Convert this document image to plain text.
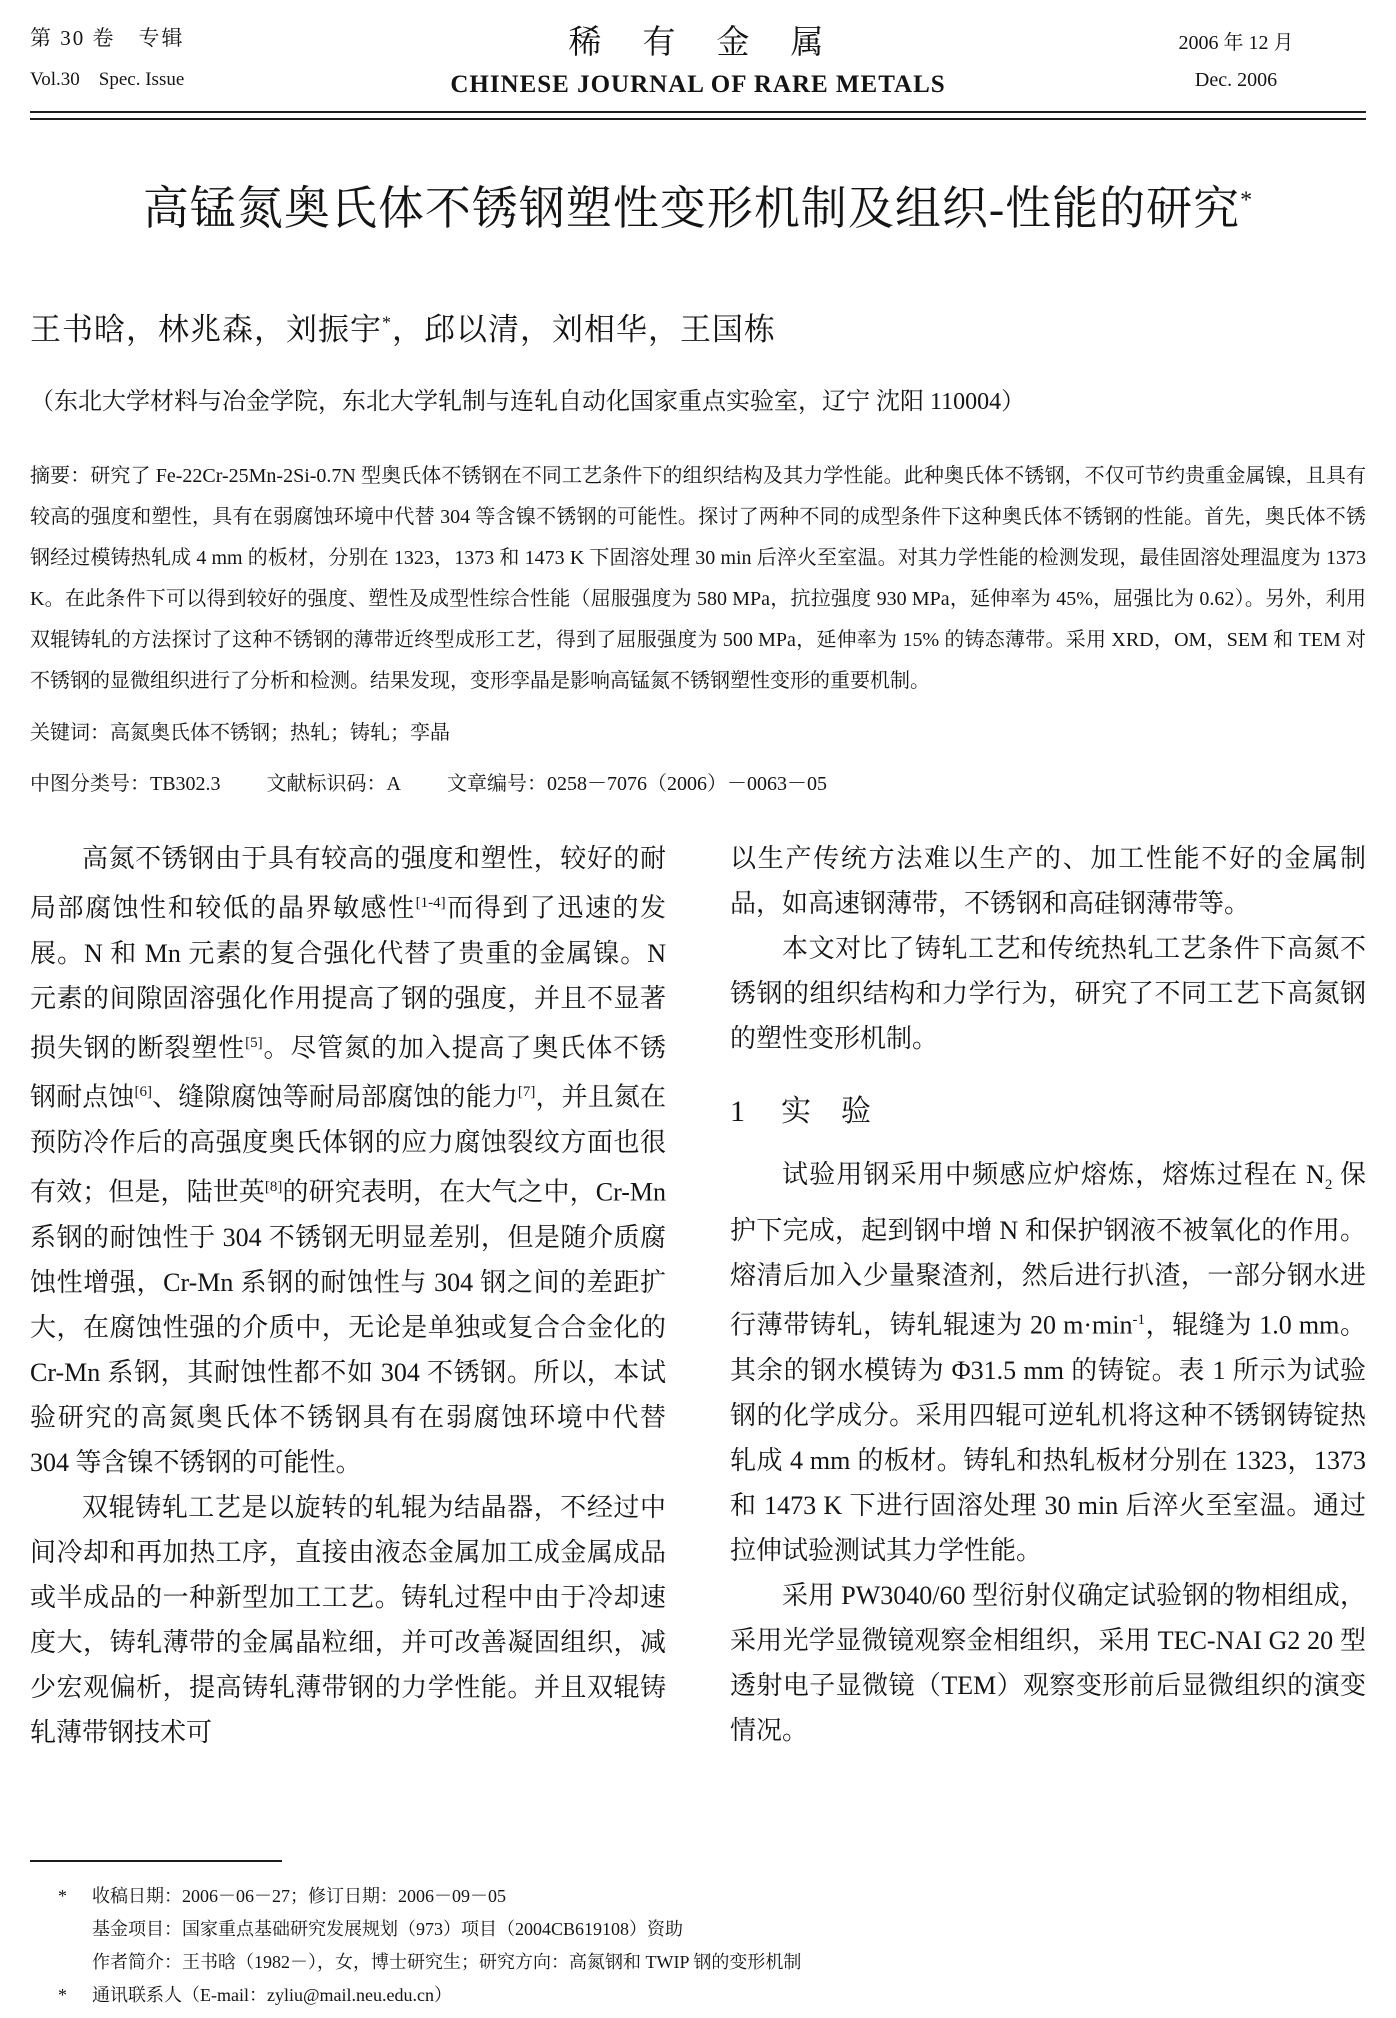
第 30 卷　专辑
Vol.30　Spec. Issue
稀　有　金　属
CHINESE JOURNAL OF RARE METALS
2006 年 12 月
Dec. 2006
高锰氮奥氏体不锈钢塑性变形机制及组织-性能的研究*
王书晗，林兆森，刘振宇*，邱以清，刘相华，王国栋
（东北大学材料与冶金学院，东北大学轧制与连轧自动化国家重点实验室，辽宁 沈阳 110004）

摘要：研究了 Fe-22Cr-25Mn-2Si-0.7N 型奥氏体不锈钢在不同工艺条件下的组织结构及其力学性能。此种奥氏体不锈钢，不仅可节约贵重金属镍，且具有较高的强度和塑性，具有在弱腐蚀环境中代替 304 等含镍不锈钢的可能性。探讨了两种不同的成型条件下这种奥氏体不锈钢的性能。首先，奥氏体不锈钢经过模铸热轧成 4 mm 的板材，分别在 1323，1373 和 1473 K 下固溶处理 30 min 后淬火至室温。对其力学性能的检测发现，最佳固溶处理温度为 1373 K。在此条件下可以得到较好的强度、塑性及成型性综合性能（屈服强度为 580 MPa，抗拉强度 930 MPa，延伸率为 45%，屈强比为 0.62）。另外，利用双辊铸轧的方法探讨了这种不锈钢的薄带近终型成形工艺，得到了屈服强度为 500 MPa，延伸率为 15% 的铸态薄带。采用 XRD，OM，SEM 和 TEM 对不锈钢的显微组织进行了分析和检测。结果发现，变形孪晶是影响高锰氮不锈钢塑性变形的重要机制。

关键词：高氮奥氏体不锈钢；热轧；铸轧；孪晶

中图分类号：TB302.3 文献标识码：A 文章编号：0258－7076（2006）－0063－05

高氮不锈钢由于具有较高的强度和塑性，较好的耐局部腐蚀性和较低的晶界敏感性[1-4]而得到了迅速的发展。N 和 Mn 元素的复合强化代替了贵重的金属镍。N 元素的间隙固溶强化作用提高了钢的强度，并且不显著损失钢的断裂塑性[5]。尽管氮的加入提高了奥氏体不锈钢耐点蚀[6]、缝隙腐蚀等耐局部腐蚀的能力[7]，并且氮在预防冷作后的高强度奥氏体钢的应力腐蚀裂纹方面也很有效；但是，陆世英[8]的研究表明，在大气之中，Cr-Mn 系钢的耐蚀性于 304 不锈钢无明显差别，但是随介质腐蚀性增强，Cr-Mn 系钢的耐蚀性与 304 钢之间的差距扩大，在腐蚀性强的介质中，无论是单独或复合合金化的 Cr-Mn 系钢，其耐蚀性都不如 304 不锈钢。所以，本试验研究的高氮奥氏体不锈钢具有在弱腐蚀环境中代替 304 等含镍不锈钢的可能性。

双辊铸轧工艺是以旋转的轧辊为结晶器，不经过中间冷却和再加热工序，直接由液态金属加工成金属成品或半成品的一种新型加工工艺。铸轧过程中由于冷却速度大，铸轧薄带的金属晶粒细，并可改善凝固组织，减少宏观偏析，提高铸轧薄带钢的力学性能。并且双辊铸轧薄带钢技术可

以生产传统方法难以生产的、加工性能不好的金属制品，如高速钢薄带，不锈钢和高硅钢薄带等。

本文对比了铸轧工艺和传统热轧工艺条件下高氮不锈钢的组织结构和力学行为，研究了不同工艺下高氮钢的塑性变形机制。

1 实　验

试验用钢采用中频感应炉熔炼，熔炼过程在 $N_2$ 保护下完成，起到钢中增 N 和保护钢液不被氧化的作用。熔清后加入少量聚渣剂，然后进行扒渣，一部分钢水进行薄带铸轧，铸轧辊速为 20 $m\cdot\min^{-1}$，辊缝为 1.0 mm。其余的钢水模铸为 Φ31.5 mm 的铸锭。表 1 所示为试验钢的化学成分。采用四辊可逆轧机将这种不锈钢铸锭热轧成 4 mm 的板材。铸轧和热轧板材分别在 1323，1373 和 1473 K 下进行固溶处理 30 min 后淬火至室温。通过拉伸试验测试其力学性能。

采用 PW3040/60 型衍射仪确定试验钢的物相组成，采用光学显微镜观察金相组织，采用 TEC-NAI G2 20 型透射电子显微镜（TEM）观察变形前后显微组织的演变情况。

*	收稿日期：2006－06－27；修订日期：2006－09－05
基金项目：国家重点基础研究发展规划（973）项目（2004CB619108）资助
作者简介：王书晗（1982－），女，博士研究生；研究方向：高氮钢和 TWIP 钢的变形机制
*	通讯联系人（E-mail：zyliu@mail.neu.edu.cn）
